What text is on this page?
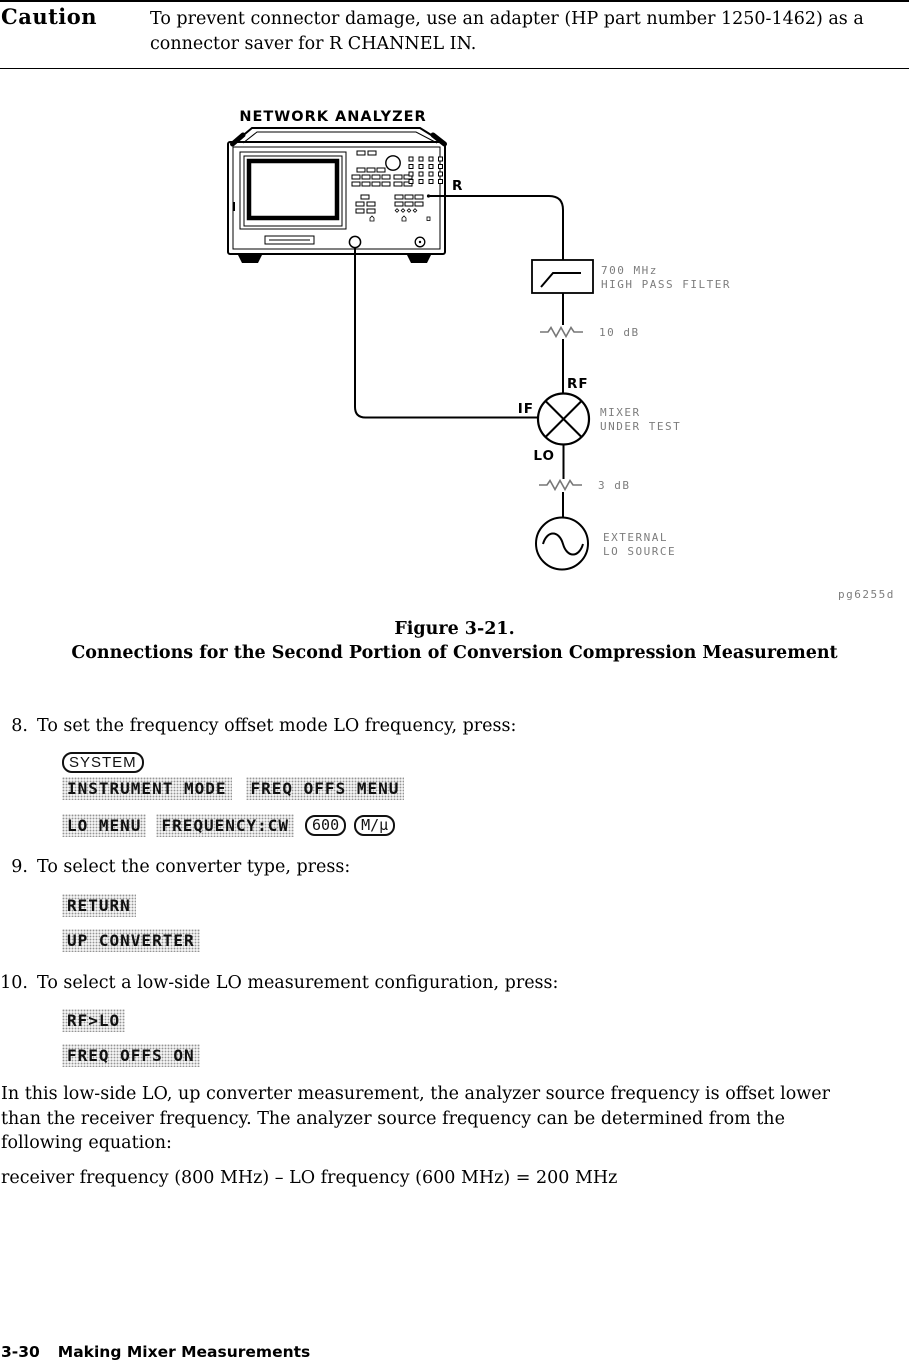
Caution	To prevent connector damage, use an adapter (HP part number 1250-1462) as a
connector saver for R CHANNEL IN.
NETWORK ANALYZER
R
700 MHz
HIGH PASS FILTER
10 dB
RF
IF	MIXER
UNDER TEST
LO
3 dB
EXTERNAL
LO SOURCE
pg6255d
Figure 3-21.
Connections for the Second Portion of Conversion Compression Measurement
8. To set the frequency offset mode LO frequency, press:
SYSTEM
INSTRUMENT MODE FREQ OFFS MENU
LO MENU FREQUENCY:CW 600 M/μ
9. To select the converter type, press:
RETURN
UP CONVERTER
10. To select a low-side LO measurement configuration, press:
RF>LO
FREQ OFFS ON
In this low-side LO, up converter measurement, the analyzer source frequency is offset lower
than the receiver frequency. The analyzer source frequency can be determined from the
following equation:
receiver frequency (800 MHz) – LO frequency (600 MHz) = 200 MHz
3-30 Making Mixer Measurements
